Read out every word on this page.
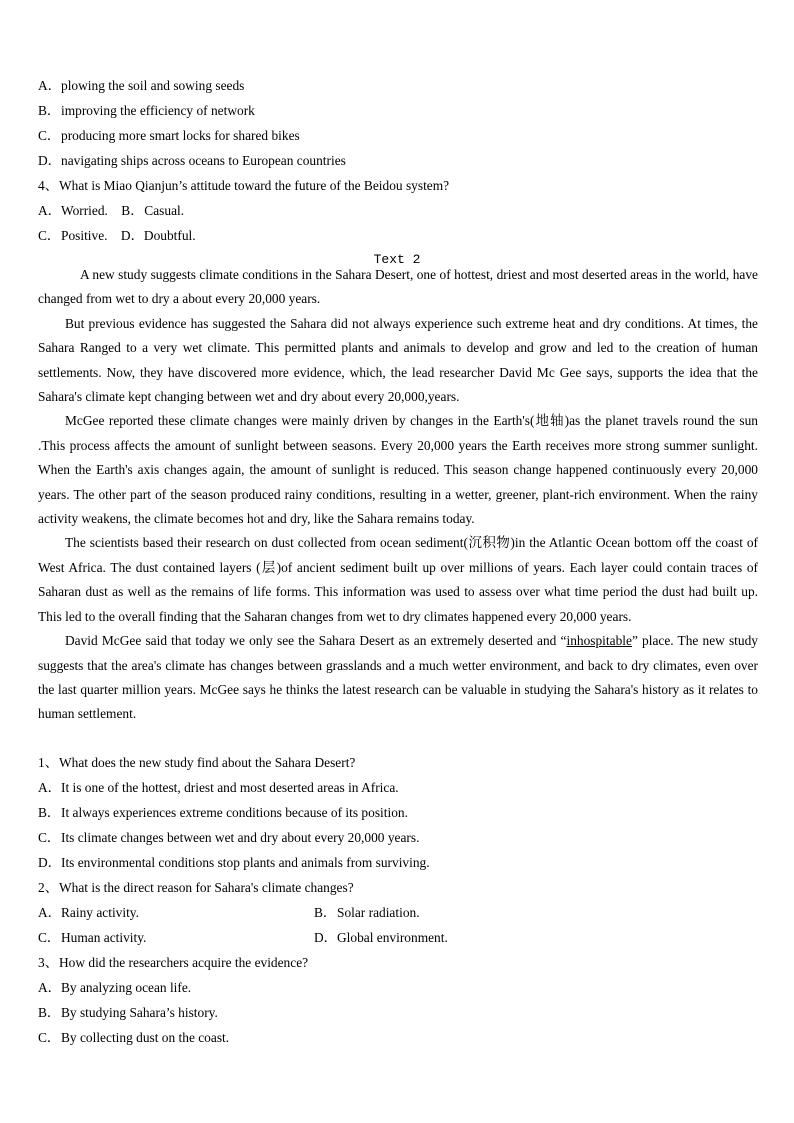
A．plowing the soil and sowing seeds
B．improving the efficiency of network
C．producing more smart locks for shared bikes
D．navigating ships across oceans to European countries
4、What is Miao Qianjun’s attitude toward the future of the Beidou system?
A．Worried. B．Casual.
C．Positive. D．Doubtful.
Text 2

A new study suggests climate conditions in the Sahara Desert, one of hottest, driest and most deserted areas in the world, have changed from wet to dry a about every 20,000 years.

But previous evidence has suggested the Sahara did not always experience such extreme heat and dry conditions. At times, the Sahara Ranged to a very wet climate. This permitted plants and animals to develop and grow and led to the creation of human settlements. Now, they have discovered more evidence, which, the lead researcher David Mc Gee says, supports the idea that the Sahara's climate kept changing between wet and dry about every 20,000,years.

McGee reported these climate changes were mainly driven by changes in the Earth's(地轴)as the planet travels round the sun .This process affects the amount of sunlight between seasons. Every 20,000 years the Earth receives more strong summer sunlight. When the Earth's axis changes again, the amount of sunlight is reduced. This season change happened continuously every 20,000 years. The other part of the season produced rainy conditions, resulting in a wetter, greener, plant-rich environment. When the rainy activity weakens, the climate becomes hot and dry, like the Sahara remains today.

The scientists based their research on dust collected from ocean sediment(沉积物)in the Atlantic Ocean bottom off the coast of West Africa. The dust contained layers (层)of ancient sediment built up over millions of years. Each layer could contain traces of Saharan dust as well as the remains of life forms. This information was used to assess over what time period the dust had built up. This led to the overall finding that the Saharan changes from wet to dry climates happened every 20,000 years.

David McGee said that today we only see the Sahara Desert as an extremely deserted and “inhospitable” place. The new study suggests that the area's climate has changes between grasslands and a much wetter environment, and back to dry climates, even over the last quarter million years. McGee says he thinks the latest research can be valuable in studying the Sahara's history as it relates to human settlement.

1、What does the new study find about the Sahara Desert?
A．It is one of the hottest, driest and most deserted areas in Africa.
B．It always experiences extreme conditions because of its position.
C．Its climate changes between wet and dry about every 20,000 years.
D．Its environmental conditions stop plants and animals from surviving.
2、What is the direct reason for Sahara's climate changes?
A．Rainy activity.	B．Solar radiation.
C．Human activity.	D．Global environment.
3、How did the researchers acquire the evidence?
A．By analyzing ocean life.
B．By studying Sahara’s history.
C．By collecting dust on the coast.
